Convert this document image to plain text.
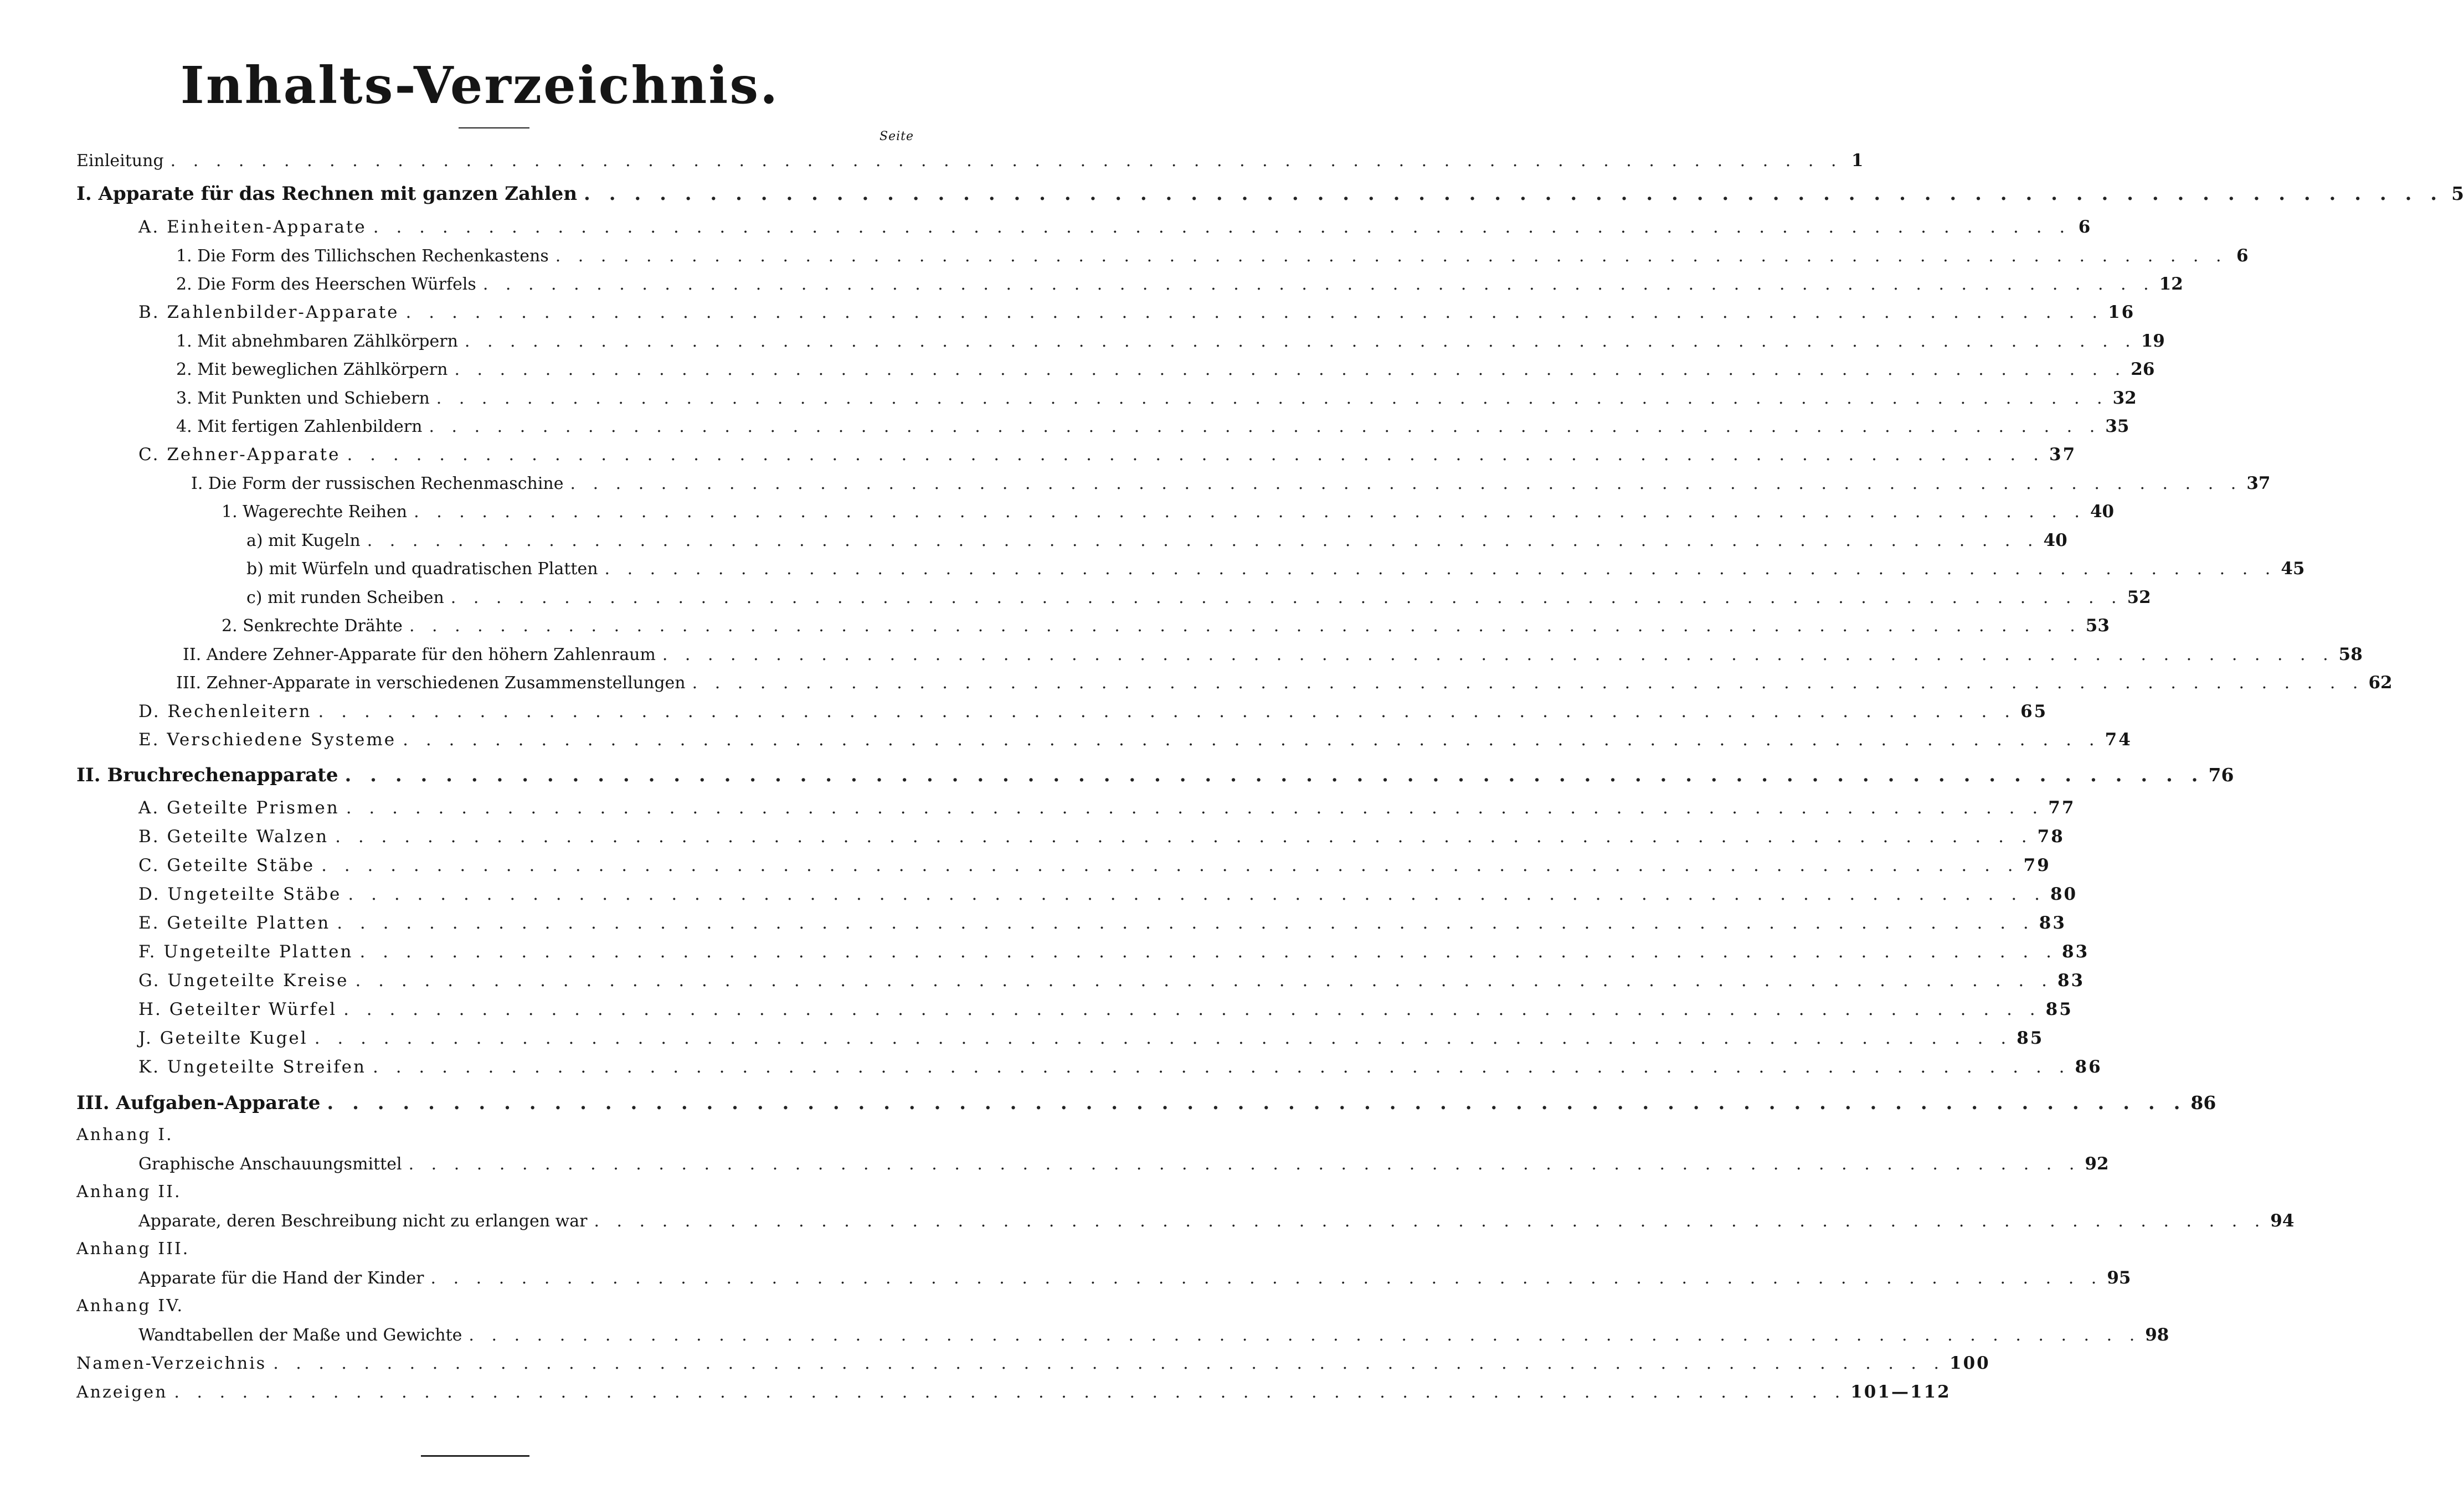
Inhalts-Verzeichnis.
Seite
Einleitung . . . . . . . . . . . . . . . . . . . . . . . . . . . . . . . . . . . . . . . . . . . . . . . . . . . . . . . . . . . . . . . . . . . . . . . . . . 1
I. Apparate für das Rechnen mit ganzen Zahlen . . . . . . . . . . . . . . . . . . . . . . . . . . . . . . . . . . . . . . . . . . . . . . . . . . . . . . . . . . . . . . . . . . . . . . . . . . 5
A. Einheiten-Apparate . . . . . . . . . . . . . . . . . . . . . . . . . . . . . . . . . . . . . . . . . . . . . . . . . . . . . . . . . . . . . . . . . . . . . . . . . . 6
1. Die Form des Tillichschen Rechenkastens . . . . . . . . . . . . . . . . . . . . . . . . . . . . . . . . . . . . . . . . . . . . . . . . . . . . . . . . . . . . . . . . . . . . . . . . . . 6
2. Die Form des Heerschen Würfels . . . . . . . . . . . . . . . . . . . . . . . . . . . . . . . . . . . . . . . . . . . . . . . . . . . . . . . . . . . . . . . . . . . . . . . . . . 12
B. Zahlenbilder-Apparate . . . . . . . . . . . . . . . . . . . . . . . . . . . . . . . . . . . . . . . . . . . . . . . . . . . . . . . . . . . . . . . . . . . . . . . . . . 16
1. Mit abnehmbaren Zählkörpern . . . . . . . . . . . . . . . . . . . . . . . . . . . . . . . . . . . . . . . . . . . . . . . . . . . . . . . . . . . . . . . . . . . . . . . . . . 19
2. Mit beweglichen Zählkörpern . . . . . . . . . . . . . . . . . . . . . . . . . . . . . . . . . . . . . . . . . . . . . . . . . . . . . . . . . . . . . . . . . . . . . . . . . . 26
3. Mit Punkten und Schiebern . . . . . . . . . . . . . . . . . . . . . . . . . . . . . . . . . . . . . . . . . . . . . . . . . . . . . . . . . . . . . . . . . . . . . . . . . . 32
4. Mit fertigen Zahlenbildern . . . . . . . . . . . . . . . . . . . . . . . . . . . . . . . . . . . . . . . . . . . . . . . . . . . . . . . . . . . . . . . . . . . . . . . . . . 35
C. Zehner-Apparate . . . . . . . . . . . . . . . . . . . . . . . . . . . . . . . . . . . . . . . . . . . . . . . . . . . . . . . . . . . . . . . . . . . . . . . . . . 37
I. Die Form der russischen Rechenmaschine . . . . . . . . . . . . . . . . . . . . . . . . . . . . . . . . . . . . . . . . . . . . . . . . . . . . . . . . . . . . . . . . . . . . . . . . . . 37
1. Wagerechte Reihen . . . . . . . . . . . . . . . . . . . . . . . . . . . . . . . . . . . . . . . . . . . . . . . . . . . . . . . . . . . . . . . . . . . . . . . . . . 40
a) mit Kugeln . . . . . . . . . . . . . . . . . . . . . . . . . . . . . . . . . . . . . . . . . . . . . . . . . . . . . . . . . . . . . . . . . . . . . . . . . . 40
b) mit Würfeln und quadratischen Platten . . . . . . . . . . . . . . . . . . . . . . . . . . . . . . . . . . . . . . . . . . . . . . . . . . . . . . . . . . . . . . . . . . . . . . . . . . 45
c) mit runden Scheiben . . . . . . . . . . . . . . . . . . . . . . . . . . . . . . . . . . . . . . . . . . . . . . . . . . . . . . . . . . . . . . . . . . . . . . . . . . 52
2. Senkrechte Drähte . . . . . . . . . . . . . . . . . . . . . . . . . . . . . . . . . . . . . . . . . . . . . . . . . . . . . . . . . . . . . . . . . . . . . . . . . . 53
II. Andere Zehner-Apparate für den höhern Zahlenraum . . . . . . . . . . . . . . . . . . . . . . . . . . . . . . . . . . . . . . . . . . . . . . . . . . . . . . . . . . . . . . . . . . . . . . . . . . 58
III. Zehner-Apparate in verschiedenen Zusammenstellungen . . . . . . . . . . . . . . . . . . . . . . . . . . . . . . . . . . . . . . . . . . . . . . . . . . . . . . . . . . . . . . . . . . . . . . . . . . 62
D. Rechenleitern . . . . . . . . . . . . . . . . . . . . . . . . . . . . . . . . . . . . . . . . . . . . . . . . . . . . . . . . . . . . . . . . . . . . . . . . . . 65
E. Verschiedene Systeme . . . . . . . . . . . . . . . . . . . . . . . . . . . . . . . . . . . . . . . . . . . . . . . . . . . . . . . . . . . . . . . . . . . . . . . . . . 74
II. Bruchrechenapparate . . . . . . . . . . . . . . . . . . . . . . . . . . . . . . . . . . . . . . . . . . . . . . . . . . . . . . . . . . . . . . . . . . . . . . . . . . 76
A. Geteilte Prismen . . . . . . . . . . . . . . . . . . . . . . . . . . . . . . . . . . . . . . . . . . . . . . . . . . . . . . . . . . . . . . . . . . . . . . . . . . 77
B. Geteilte Walzen . . . . . . . . . . . . . . . . . . . . . . . . . . . . . . . . . . . . . . . . . . . . . . . . . . . . . . . . . . . . . . . . . . . . . . . . . . 78
C. Geteilte Stäbe . . . . . . . . . . . . . . . . . . . . . . . . . . . . . . . . . . . . . . . . . . . . . . . . . . . . . . . . . . . . . . . . . . . . . . . . . . 79
D. Ungeteilte Stäbe . . . . . . . . . . . . . . . . . . . . . . . . . . . . . . . . . . . . . . . . . . . . . . . . . . . . . . . . . . . . . . . . . . . . . . . . . . 80
E. Geteilte Platten . . . . . . . . . . . . . . . . . . . . . . . . . . . . . . . . . . . . . . . . . . . . . . . . . . . . . . . . . . . . . . . . . . . . . . . . . . 83
F. Ungeteilte Platten . . . . . . . . . . . . . . . . . . . . . . . . . . . . . . . . . . . . . . . . . . . . . . . . . . . . . . . . . . . . . . . . . . . . . . . . . . 83
G. Ungeteilte Kreise . . . . . . . . . . . . . . . . . . . . . . . . . . . . . . . . . . . . . . . . . . . . . . . . . . . . . . . . . . . . . . . . . . . . . . . . . . 83
H. Geteilter Würfel . . . . . . . . . . . . . . . . . . . . . . . . . . . . . . . . . . . . . . . . . . . . . . . . . . . . . . . . . . . . . . . . . . . . . . . . . . 85
J. Geteilte Kugel . . . . . . . . . . . . . . . . . . . . . . . . . . . . . . . . . . . . . . . . . . . . . . . . . . . . . . . . . . . . . . . . . . . . . . . . . . 85
K. Ungeteilte Streifen . . . . . . . . . . . . . . . . . . . . . . . . . . . . . . . . . . . . . . . . . . . . . . . . . . . . . . . . . . . . . . . . . . . . . . . . . . 86
III. Aufgaben-Apparate . . . . . . . . . . . . . . . . . . . . . . . . . . . . . . . . . . . . . . . . . . . . . . . . . . . . . . . . . . . . . . . . . . . . . . . . . . 86
Anhang I.
Graphische Anschauungsmittel . . . . . . . . . . . . . . . . . . . . . . . . . . . . . . . . . . . . . . . . . . . . . . . . . . . . . . . . . . . . . . . . . . . . . . . . . . 92
Anhang II.
Apparate, deren Beschreibung nicht zu erlangen war . . . . . . . . . . . . . . . . . . . . . . . . . . . . . . . . . . . . . . . . . . . . . . . . . . . . . . . . . . . . . . . . . . . . . . . . . . 94
Anhang III.
Apparate für die Hand der Kinder . . . . . . . . . . . . . . . . . . . . . . . . . . . . . . . . . . . . . . . . . . . . . . . . . . . . . . . . . . . . . . . . . . . . . . . . . . 95
Anhang IV.
Wandtabellen der Maße und Gewichte . . . . . . . . . . . . . . . . . . . . . . . . . . . . . . . . . . . . . . . . . . . . . . . . . . . . . . . . . . . . . . . . . . . . . . . . . . 98
Namen-Verzeichnis . . . . . . . . . . . . . . . . . . . . . . . . . . . . . . . . . . . . . . . . . . . . . . . . . . . . . . . . . . . . . . . . . . . . . . . . . . 100
Anzeigen . . . . . . . . . . . . . . . . . . . . . . . . . . . . . . . . . . . . . . . . . . . . . . . . . . . . . . . . . . . . . . . . . . . . . . . . . . 101—112
